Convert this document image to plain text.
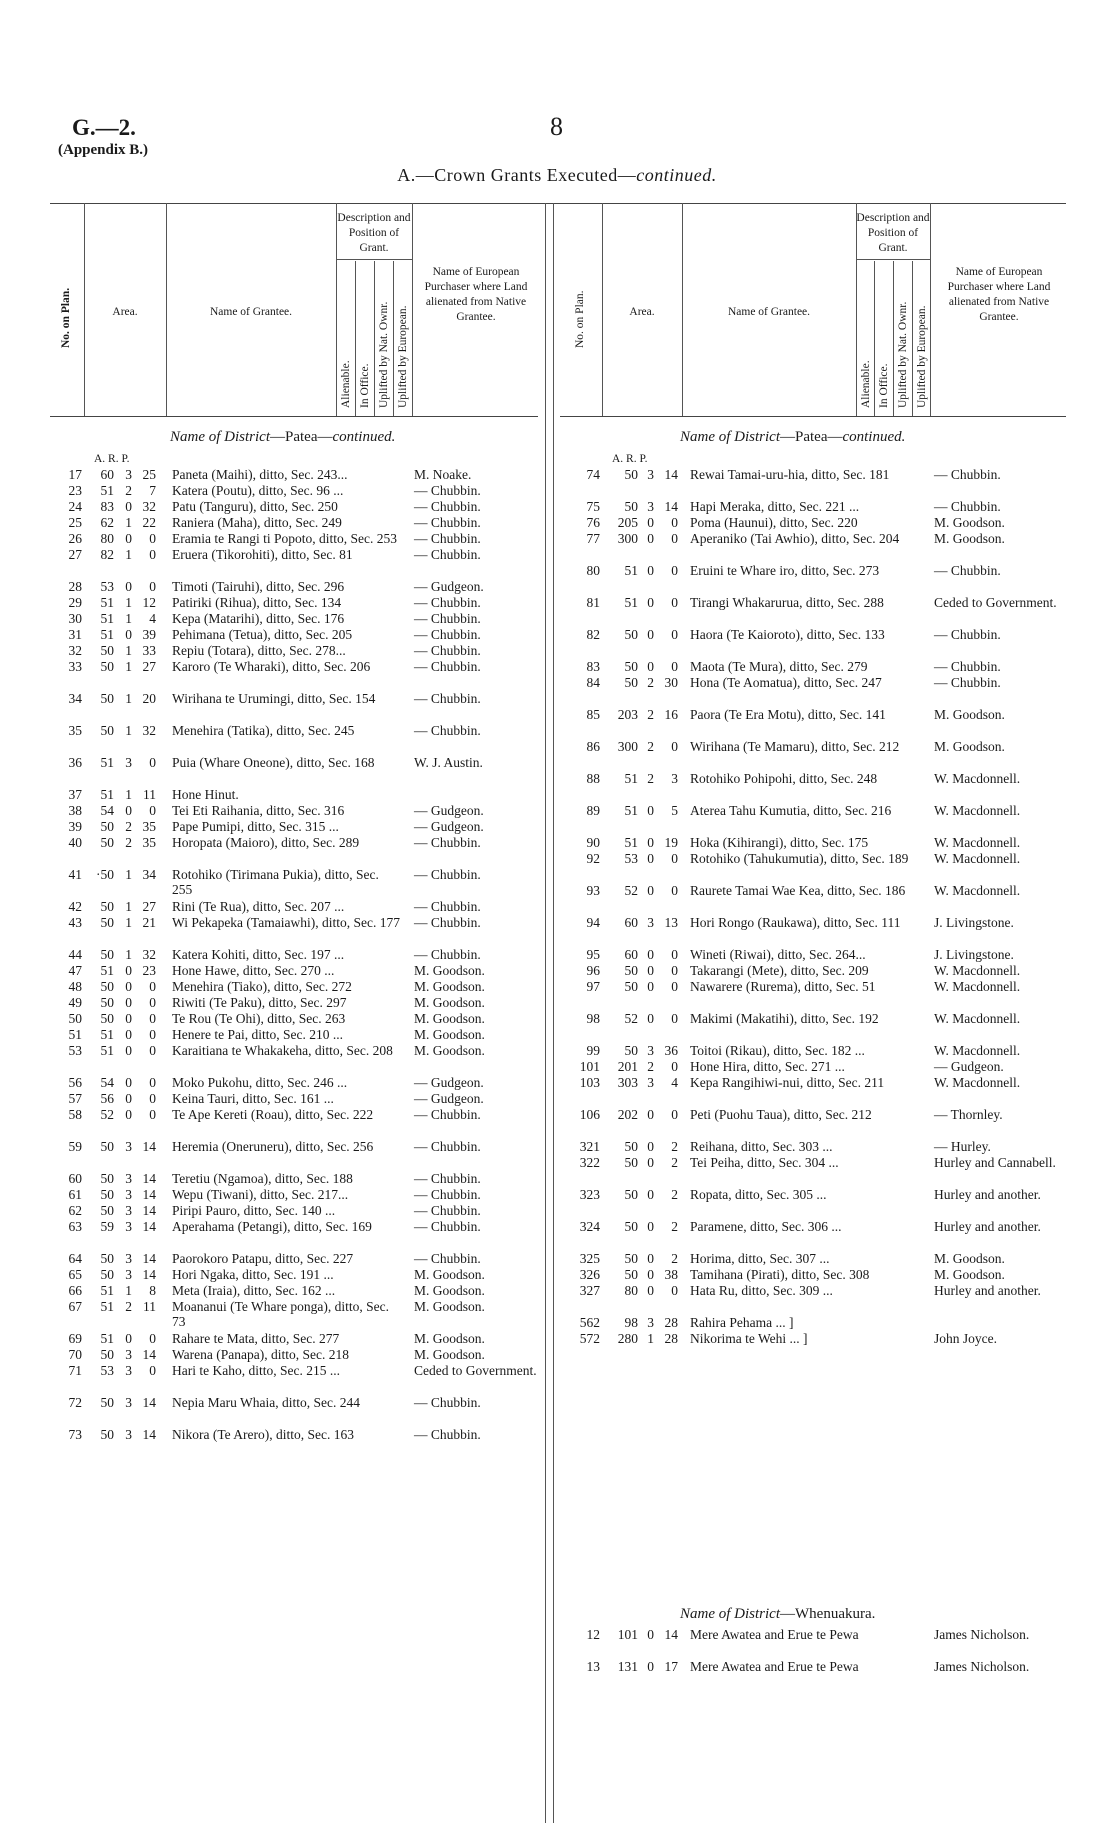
G.—2.
(Appendix B.)
8
A.—Crown Grants Executed—continued.
No. on Plan.	Area.	Name of Grantee.
Description and Position of Grant.
Alienable. In Office. Uplifted by Nat. Ownr. Uplifted by European.
Name of European Purchaser where Land alienated from Native Grantee.
Name of District—Patea—continued.
A. R. P.
17	60 3 25 Paneta (Maihi), ditto, Sec. 243...	M. Noake.
23	51 2	7 Katera (Poutu), ditto, Sec. 96 ...	— Chubbin.
24	83 0 32 Patu (Tanguru), ditto, Sec. 250	— Chubbin.
25	62 1 22 Raniera (Maha), ditto, Sec. 249	— Chubbin.
26	80 0	0 Eramia te Rangi ti Popoto, ditto, Sec. 253 — Chubbin.
27	82 1	0 Eruera (Tikorohiti), ditto, Sec. 81	— Chubbin.
28	53 0	0 Timoti (Tairuhi), ditto, Sec. 296	— Gudgeon.
29	51 1 12 Patiriki (Rihua), ditto, Sec. 134	— Chubbin.
30	51 1	4 Kepa (Matarihi), ditto, Sec. 176	— Chubbin.
31	51 0 39 Pehimana (Tetua), ditto, Sec. 205	— Chubbin.
32	50 1 33 Repiu (Totara), ditto, Sec. 278...	— Chubbin.
33	50 1 27 Karoro (Te Wharaki), ditto, Sec. 206	— Chubbin.
34	50 1 20 Wirihana te Urumingi, ditto, Sec. 154	— Chubbin.
35	50 1 32 Menehira (Tatika), ditto, Sec. 245	— Chubbin.
36	51 3	0 Puia (Whare Oneone), ditto, Sec. 168	W. J. Austin.
37	51 1 11 Hone Hinut.
38	54 0	0 Tei Eti Raihania, ditto, Sec. 316	— Gudgeon.
39	50 2 35 Pape Pumipi, ditto, Sec. 315 ...	— Gudgeon.
40	50 2 35 Horopata (Maioro), ditto, Sec. 289	— Chubbin.
41	·50 1 34 Rotohiko (Tirimana Pukia), ditto, Sec. 255
— Chubbin.
42	50 1 27 Rini (Te Rua), ditto, Sec. 207 ...	— Chubbin.
43	50 1 21 Wi Pekapeka (Tamaiawhi), ditto, Sec. 177 — Chubbin.
44	50 1 32 Katera Kohiti, ditto, Sec. 197 ...	— Chubbin.
47	51 0 23 Hone Hawe, ditto, Sec. 270 ...	M. Goodson.
48	50 0	0 Menehira (Tiako), ditto, Sec. 272	M. Goodson.
49	50 0	0 Riwiti (Te Paku), ditto, Sec. 297	M. Goodson.
50	50 0	0 Te Rou (Te Ohi), ditto, Sec. 263	M. Goodson.
51	51 0	0 Henere te Pai, ditto, Sec. 210 ...	M. Goodson.
53	51 0	0 Karaitiana te Whakakeha, ditto, Sec. 208	M. Goodson.
56	54 0	0 Moko Pukohu, ditto, Sec. 246 ...	— Gudgeon.
57	56 0	0 Keina Tauri, ditto, Sec. 161 ...	— Gudgeon.
58	52 0	0 Te Ape Kereti (Roau), ditto, Sec. 222	— Chubbin.
59	50 3 14 Heremia (Oneruneru), ditto, Sec. 256	— Chubbin.
60	50 3 14 Teretiu (Ngamoa), ditto, Sec. 188	— Chubbin.
61	50 3 14 Wepu (Tiwani), ditto, Sec. 217...	— Chubbin.
62	50 3 14 Piripi Pauro, ditto, Sec. 140 ...	— Chubbin.
63	59 3 14 Aperahama (Petangi), ditto, Sec. 169	— Chubbin.
64	50 3 14 Paorokoro Patapu, ditto, Sec. 227	— Chubbin.
65	50 3 14 Hori Ngaka, ditto, Sec. 191 ...	M. Goodson.
66	51 1	8 Meta (Iraia), ditto, Sec. 162 ...	M. Goodson.
67	51 2 11 Moananui (Te Whare ponga), ditto, Sec. 73
M. Goodson.
69	51 0	0 Rahare te Mata, ditto, Sec. 277	M. Goodson.
70	50 3 14 Warena (Panapa), ditto, Sec. 218	M. Goodson.
71	53 3	0 Hari te Kaho, ditto, Sec. 215 ...	Ceded to Government.
72	50 3 14 Nepia Maru Whaia, ditto, Sec. 244	— Chubbin.
73	50 3 14 Nikora (Te Arero), ditto, Sec. 163	— Chubbin.
No. on Plan.	Area.	Name of Grantee.
Description and Position of Grant.
Alienable. In Office. Uplifted by Nat. Ownr. Uplifted by European.
Name of European Purchaser where Land alienated from Native Grantee.
Name of District—Patea—continued.
A. R. P.
74	50 3 14 Rewai Tamai-uru-hia, ditto, Sec. 181	— Chubbin.
75	50 3 14 Hapi Meraka, ditto, Sec. 221 ...	— Chubbin.
76	205 0	0 Poma (Haunui), ditto, Sec. 220	M. Goodson.
77	300 0	0 Aperaniko (Tai Awhio), ditto, Sec. 204	M. Goodson.
80	51 0	0 Eruini te Whare iro, ditto, Sec. 273	— Chubbin.
81	51 0	0 Tirangi Whakarurua, ditto, Sec. 288	Ceded to Government.
82	50 0	0 Haora (Te Kaioroto), ditto, Sec. 133	— Chubbin.
83	50 0	0 Maota (Te Mura), ditto, Sec. 279	— Chubbin.
84	50 2 30 Hona (Te Aomatua), ditto, Sec. 247	— Chubbin.
85	203 2 16 Paora (Te Era Motu), ditto, Sec. 141	M. Goodson.
86	300 2	0 Wirihana (Te Mamaru), ditto, Sec. 212	M. Goodson.
88	51 2	3 Rotohiko Pohipohi, ditto, Sec. 248	W. Macdonnell.
89	51 0	5 Aterea Tahu Kumutia, ditto, Sec. 216	W. Macdonnell.
90	51 0 19 Hoka (Kihirangi), ditto, Sec. 175	W. Macdonnell.
92	53 0	0 Rotohiko (Tahukumutia), ditto, Sec. 189	W. Macdonnell.
93	52 0	0 Raurete Tamai Wae Kea, ditto, Sec. 186	W. Macdonnell.
94	60 3 13 Hori Rongo (Raukawa), ditto, Sec. 111	J. Livingstone.
95	60 0	0 Wineti (Riwai), ditto, Sec. 264...	J. Livingstone.
96	50 0	0 Takarangi (Mete), ditto, Sec. 209	W. Macdonnell.
97	50 0	0 Nawarere (Rurema), ditto, Sec. 51	W. Macdonnell.
98	52 0	0 Makimi (Makatihi), ditto, Sec. 192	W. Macdonnell.
99	50 3 36 Toitoi (Rikau), ditto, Sec. 182 ...	W. Macdonnell.
101	201 2	0 Hone Hira, ditto, Sec. 271 ...	— Gudgeon.
103	303 3	4 Kepa Rangihiwi-nui, ditto, Sec. 211	W. Macdonnell.
106	202 0	0 Peti (Puohu Taua), ditto, Sec. 212	— Thornley.
321	50 0	2 Reihana, ditto, Sec. 303 ...	— Hurley.
322	50 0	2 Tei Peiha, ditto, Sec. 304 ...	Hurley and Cannabell.
323	50 0	2 Ropata, ditto, Sec. 305 ...	Hurley and another.
324	50 0	2 Paramene, ditto, Sec. 306 ...	Hurley and another.
325	50 0	2 Horima, ditto, Sec. 307 ...	M. Goodson.
326	50 0 38 Tamihana (Pirati), ditto, Sec. 308	M. Goodson.
327	80 0	0 Hata Ru, ditto, Sec. 309 ...	Hurley and another.
562	98 3 28 Rahira Pehama ... ]
572	280 1 28 Nikorima te Wehi ... ]	John Joyce.
Name of District—Whenuakura.
12	101 0 14 Mere Awatea and Erue te Pewa	James Nicholson.
13	131 0 17 Mere Awatea and Erue te Pewa	James Nicholson.
